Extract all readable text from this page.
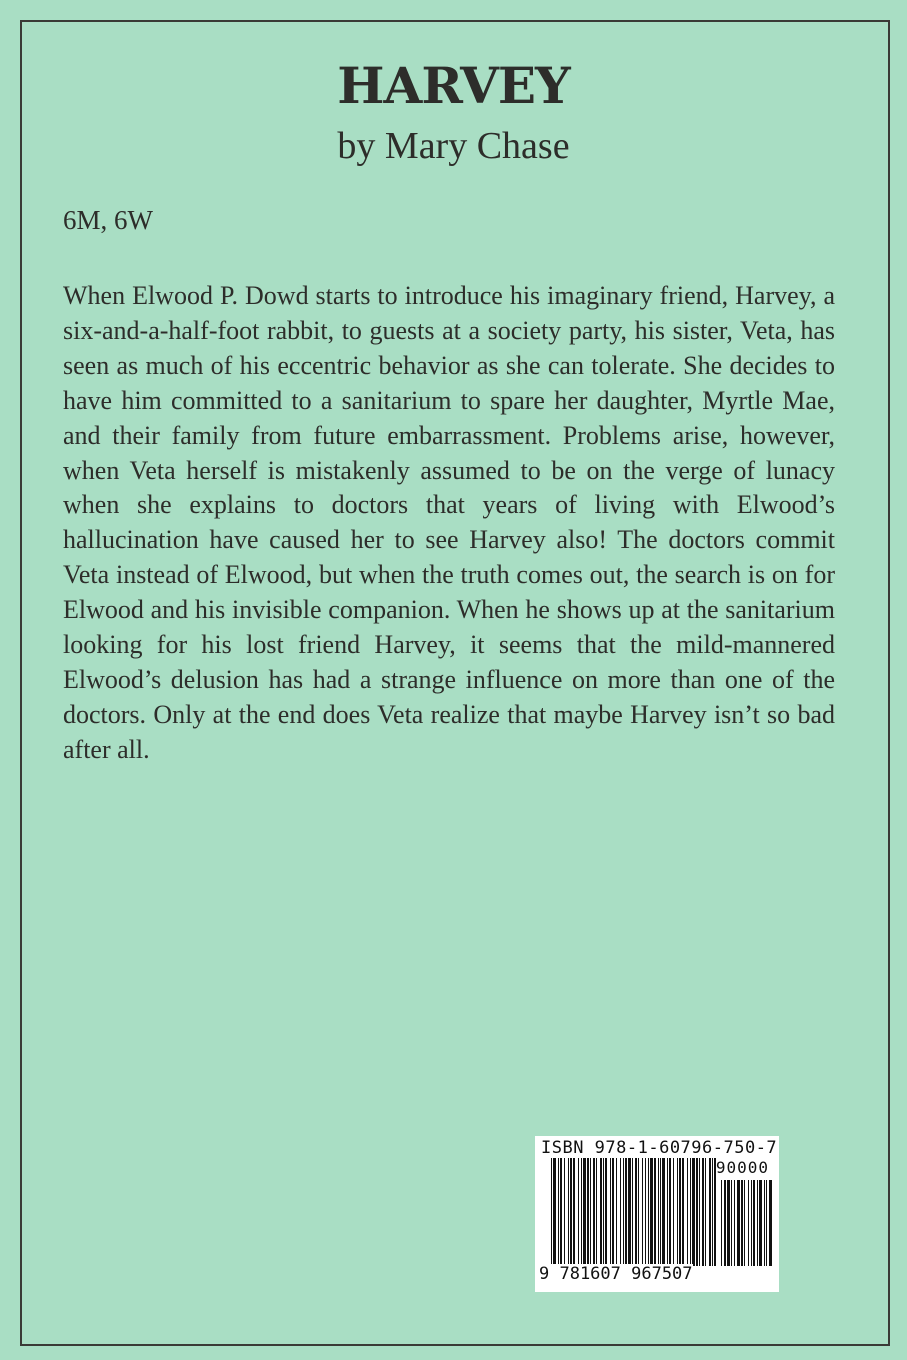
HARVEY
by Mary Chase
6M, 6W

When Elwood P. Dowd starts to introduce his imaginary friend, Harvey, a six-and-a-half-foot rabbit, to guests at a society party, his sister, Veta, has seen as much of his eccentric behavior as she can tolerate. She decides to have him committed to a sanitarium to spare her daughter, Myrtle Mae, and their family from future embarrassment. Problems arise, however, when Veta herself is mistakenly assumed to be on the verge of lunacy when she explains to doctors that years of living with Elwood’s hallucination have caused her to see Harvey also! The doctors commit Veta instead of Elwood, but when the truth comes out, the search is on for Elwood and his invisible companion. When he shows up at the sanitarium looking for his lost friend Harvey, it seems that the mild-mannered Elwood’s delusion has had a strange influence on more than one of the doctors. Only at the end does Veta realize that maybe Harvey isn’t so bad after all.

ISBN 978-1-60796-750-7
90000
9 781607 967507
